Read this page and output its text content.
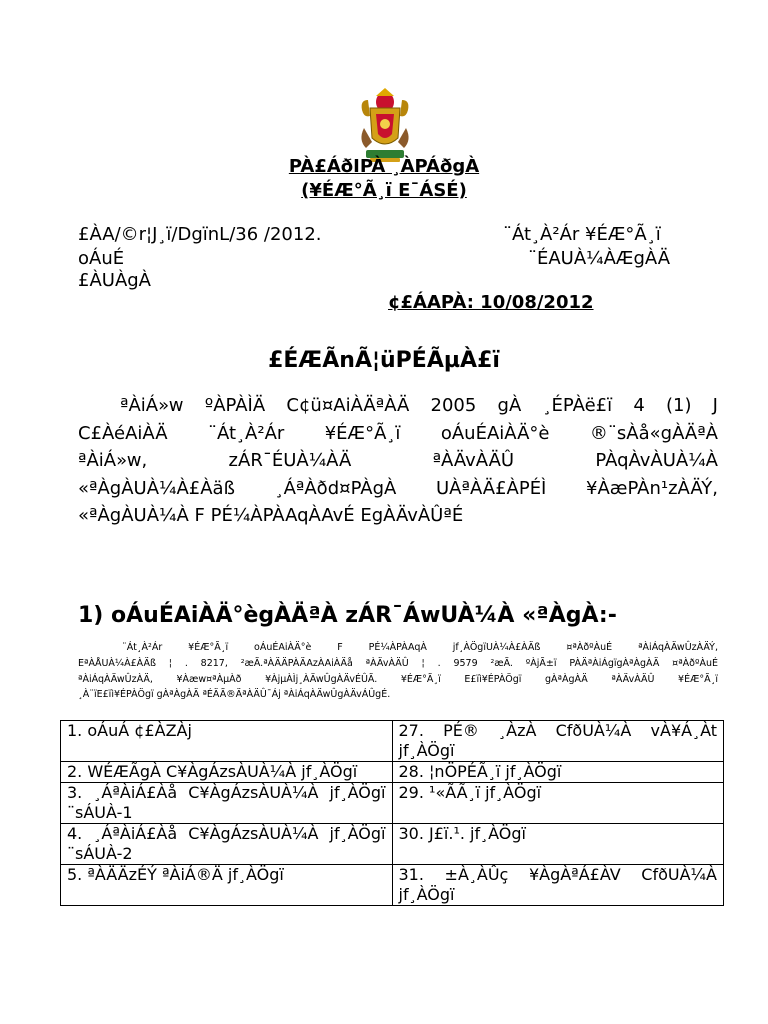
PÀ£ÁðIPÀ ¸ÀPÁðgÀ
(¥ÉÆ°Ã¸ï E¯ÁSÉ)
£ÀA/©r¦J¸ï/DgïnL/36 /2012.	¨Át¸À²Ár ¥ÉÆ°Ã¸ï
oÁuÉ	¨ÉAUÀ¼ÀÆgÀÄ
£ÀUÀgÀ
¢£ÁAPÀ: 10/08/2012
£ÉÆÃnÃ¦üPÉÃµÀ£ï
ªÀiÁ»w ºÀPÀÌÄ C¢ü¤AiÀÄªÀÄ 2005 gÀ ¸ÉPÀë£ï 4 (1) J
C£ÀéAiÀÄ ¨Át¸À²Ár ¥ÉÆ°Ã¸ï oÁuÉAiÀÄ°è ®¨sÀå«gÀÄªÀ
ªÀiÁ»w, zÁR¯ÉUÀ¼ÀÄ ªÀÄvÀÄÛ PÀqÀvÀUÀ¼À
«ªÀgÀUÀ¼À£Àäß ¸ÁªÀðd¤PÀgÀ UÀªÀÄ£ÀPÉÌ ¥ÀæPÀn¹zÀÄÝ,
«ªÀgÀUÀ¼À F PÉ¼ÀPÀAqÀAvÉ EgÀÄvÀÛªÉ
1) oÁuÉAiÀÄ°ègÀÄªÀ zÁR¯ÁwUÀ¼À «ªÀgÀ:-
¨Át¸À²Ár ¥ÉÆ°Ã¸ï oÁuÉAiÀÄ°è F PÉ¼ÀPÀAqÀ jf¸ÀÖgïUÀ¼À£ÀÄß ¤ªÀðºÀuÉ ªÀiÁqÀÄwÛzÀÄÝ,
EªÀÅUÀ¼À£ÀÄß ¦ . 8217, ²æÃ.ªÀÄÄPÀÄAzÀAiÀÄå ªÀÄvÀÄÛ ¦ . 9579 ²æÃ. ºÀjÃ±ï PÀÄªÀiÁgïgÀªÀgÀÄ ¤ªÀðºÀuÉ
ªÀiÁqÀÄwÛzÀÄ, ¥Àæw¤ªÀµÀð ¥ÀjµÀÌj¸ÀÄwÛgÀÄvÉÛÃ. ¥ÉÆ°Ã¸ï E£ïì¥ÉPÀÖgï gÀªÀgÀÄ ªÀÄvÀÄÛ ¥ÉÆ°Ã¸ï
¸À¨ïE£ïì¥ÉPÀÖgï gÀªÀgÀÄ ªÉÄÃ®ÄªÀÄÛ¯Áj ªÀiÁqÀÄwÛgÀÄvÁÛgÉ.
1. oÁuÁ ¢£ÀZÀj	27. PÉ® ¸ÀzÀ CfðUÀ¼À vÀ¥Á¸Àt jf¸ÀÖgï

2. WÉÆÃgÀ C¥ÀgÁzsÀUÀ¼À jf¸ÀÖgï	28. ¦nÖPÉÃ¸ï jf¸ÀÖgï

3. ¸ÁªÀiÁ£Àå C¥ÀgÁzsÀUÀ¼À jf¸ÀÖgï ¨sÁUÀ-1	29. ¹«ÃÃ¸ï jf¸ÀÖgï

4. ¸ÁªÀiÁ£Àå C¥ÀgÁzsÀUÀ¼À jf¸ÀÖgï ¨sÁUÀ-2	30. J£ï.¹. jf¸ÀÖgï

5. ªÀÄÄzÉÝ ªÀiÁ®Ä jf¸ÀÖgï	31. ±À¸ÀÛç ¥ÀgÀªÁ£ÀV CfðUÀ¼À jf¸ÀÖgï
